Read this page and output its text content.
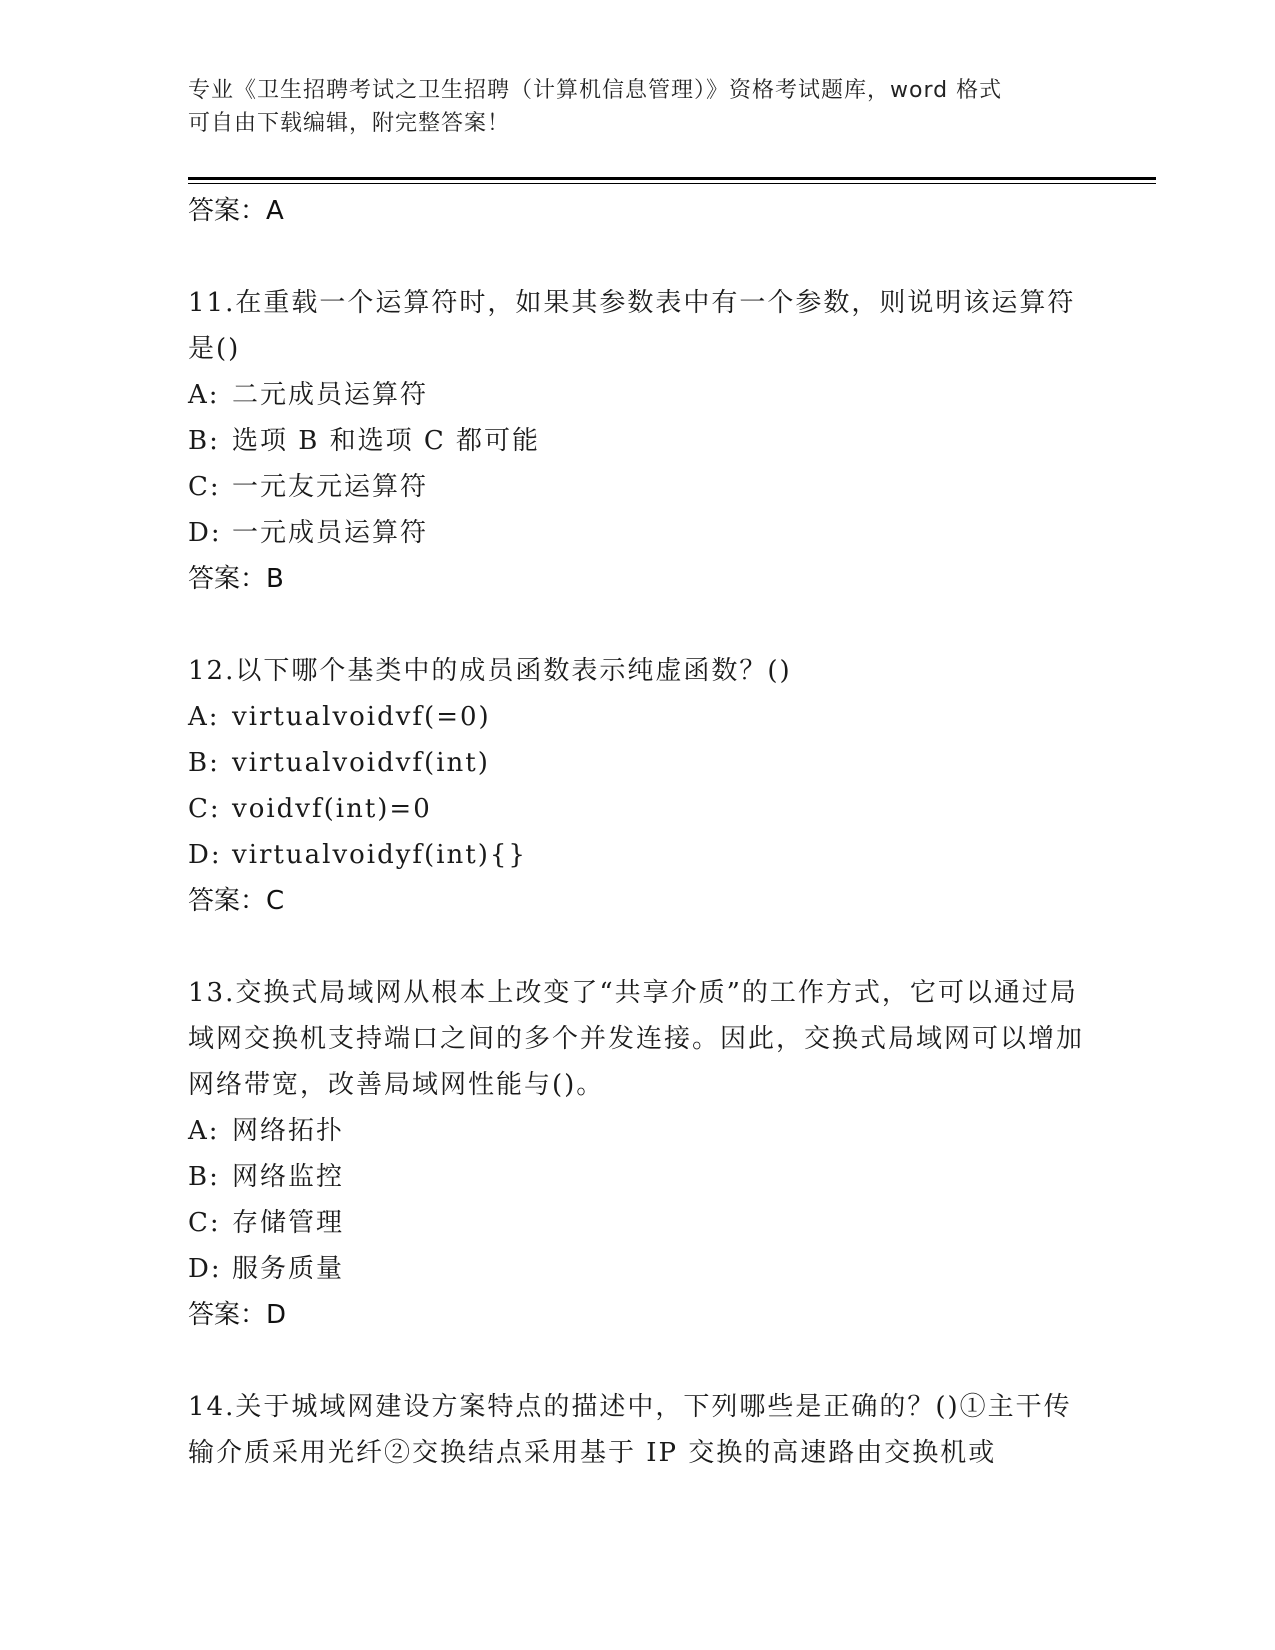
专业《卫生招聘考试之卫生招聘（计算机信息管理）》资格考试题库，word 格式
可自由下载编辑，附完整答案！
答案：A
11.在重载一个运算符时，如果其参数表中有一个参数，则说明该运算符是()
A: 二元成员运算符
B: 选项 B 和选项 C 都可能
C: 一元友元运算符
D: 一元成员运算符
答案：B
12.以下哪个基类中的成员函数表示纯虚函数？()
A: virtualvoidvf(=0)
B: virtualvoidvf(int)
C: voidvf(int)=0
D: virtualvoidyf(int){}
答案：C
13.交换式局域网从根本上改变了“共享介质”的工作方式，它可以通过局域网交换机支持端口之间的多个并发连接。因此，交换式局域网可以增加网络带宽，改善局域网性能与()。
A: 网络拓扑
B: 网络监控
C: 存储管理
D: 服务质量
答案：D
14.关于城域网建设方案特点的描述中，下列哪些是正确的？()①主干传输介质采用光纤②交换结点采用基于 IP 交换的高速路由交换机或
